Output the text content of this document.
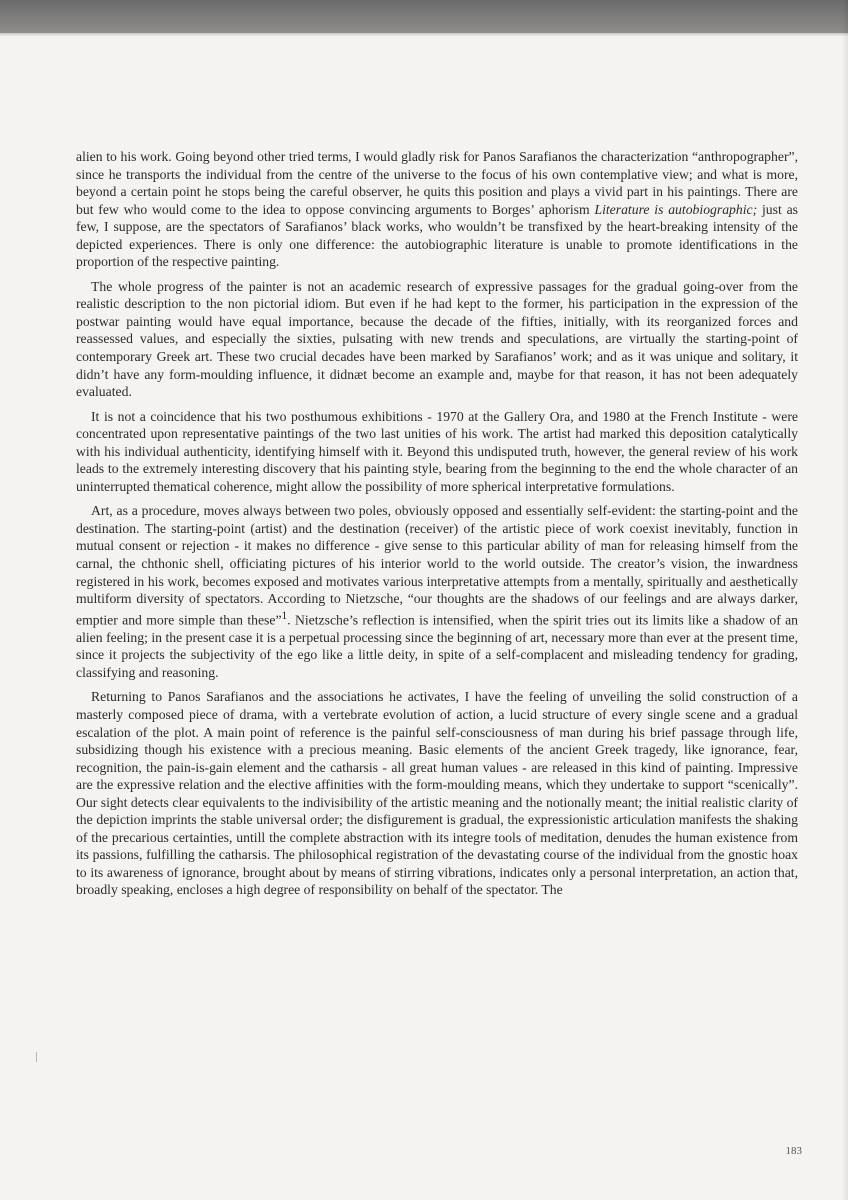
alien to his work. Going beyond other tried terms, I would gladly risk for Panos Sarafianos the characterization “anthropographer”, since he transports the individual from the centre of the universe to the focus of his own contemplative view; and what is more, beyond a certain point he stops being the careful observer, he quits this position and plays a vivid part in his paintings. There are but few who would come to the idea to oppose convincing arguments to Borges’ aphorism Literature is autobiographic; just as few, I suppose, are the spectators of Sarafianos’ black works, who wouldn’t be transfixed by the heart-breaking intensity of the depicted experiences. There is only one difference: the autobiographic literature is unable to promote identifications in the proportion of the respective painting.

The whole progress of the painter is not an academic research of expressive passages for the gradual going-over from the realistic description to the non pictorial idiom. But even if he had kept to the former, his participation in the expression of the postwar painting would have equal importance, because the decade of the fifties, initially, with its reorganized forces and reassessed values, and especially the sixties, pulsating with new trends and speculations, are virtually the starting-point of contemporary Greek art. These two crucial decades have been marked by Sarafianos’ work; and as it was unique and solitary, it didn’t have any form-moulding influence, it didnæt become an example and, maybe for that reason, it has not been adequately evaluated.

It is not a coincidence that his two posthumous exhibitions - 1970 at the Gallery Ora, and 1980 at the French Institute - were concentrated upon representative paintings of the two last unities of his work. The artist had marked this deposition catalytically with his individual authenticity, identifying himself with it. Beyond this undisputed truth, however, the general review of his work leads to the extremely interesting discovery that his painting style, bearing from the beginning to the end the whole character of an uninterrupted thematical coherence, might allow the possibility of more spherical interpretative formulations.

Art, as a procedure, moves always between two poles, obviously opposed and essentially self-evident: the starting-point and the destination. The starting-point (artist) and the destination (receiver) of the artistic piece of work coexist inevitably, function in mutual consent or rejection - it makes no difference - give sense to this particular ability of man for releasing himself from the carnal, the chthonic shell, officiating pictures of his interior world to the world outside. The creator’s vision, the inwardness registered in his work, becomes exposed and motivates various interpretative attempts from a mentally, spiritually and aesthetically multiform diversity of spectators. According to Nietzsche, “our thoughts are the shadows of our feelings and are always darker, emptier and more simple than these”$^1$. Nietzsche’s reflection is intensified, when the spirit tries out its limits like a shadow of an alien feeling; in the present case it is a perpetual processing since the beginning of art, necessary more than ever at the present time, since it projects the subjectivity of the ego like a little deity, in spite of a self-complacent and misleading tendency for grading, classifying and reasoning.

Returning to Panos Sarafianos and the associations he activates, I have the feeling of unveiling the solid construction of a masterly composed piece of drama, with a vertebrate evolution of action, a lucid structure of every single scene and a gradual escalation of the plot. A main point of reference is the painful self-consciousness of man during his brief passage through life, subsidizing though his existence with a precious meaning. Basic elements of the ancient Greek tragedy, like ignorance, fear, recognition, the pain-is-gain element and the catharsis - all great human values - are released in this kind of painting. Impressive are the expressive relation and the elective affinities with the form-moulding means, which they undertake to support “scenically”. Our sight detects clear equivalents to the indivisibility of the artistic meaning and the notionally meant; the initial realistic clarity of the depiction imprints the stable universal order; the disfigurement is gradual, the expressionistic articulation manifests the shaking of the precarious certainties, untill the complete abstraction with its integre tools of meditation, denudes the human existence from its passions, fulfilling the catharsis. The philosophical registration of the devastating course of the individual from the gnostic hoax to its awareness of ignorance, brought about by means of stirring vibrations, indicates only a personal interpretation, an action that, broadly speaking, encloses a high degree of responsibility on behalf of the spectator. The

183
